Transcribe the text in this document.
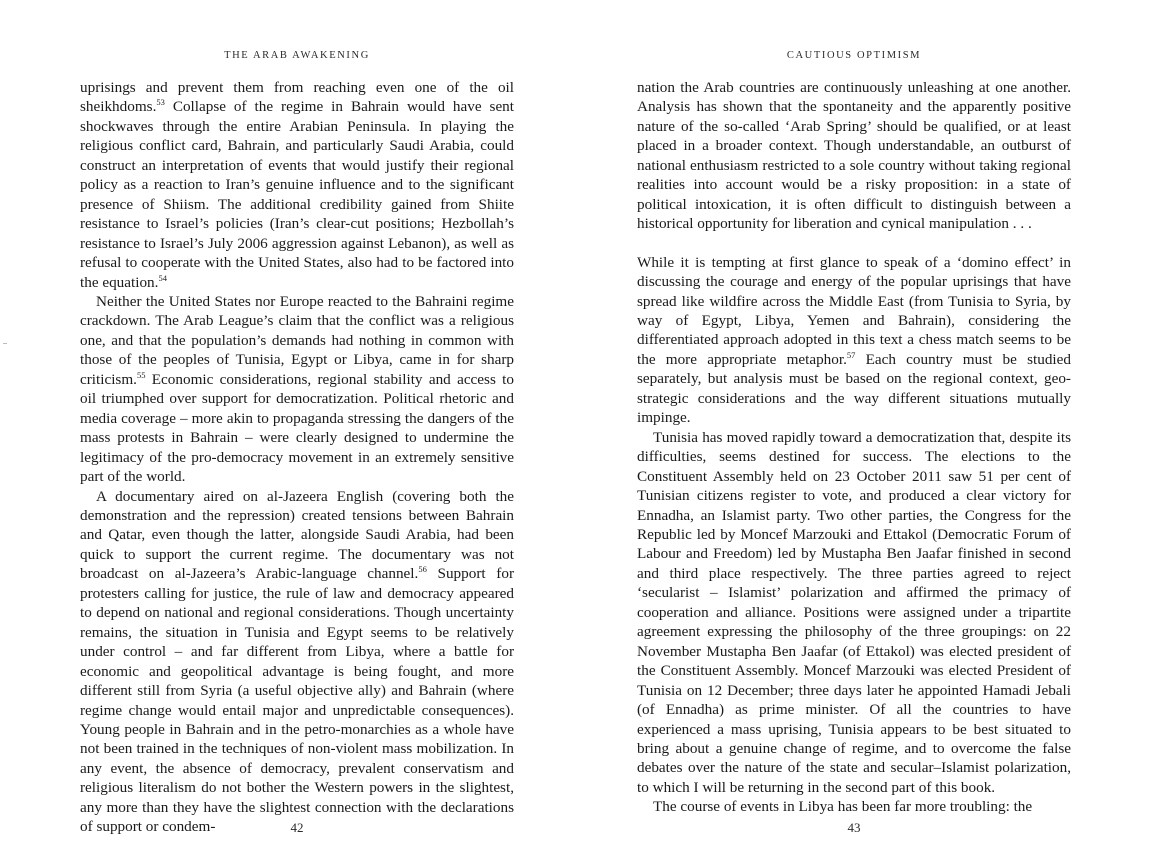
THE ARAB AWAKENING

uprisings and prevent them from reaching even one of the oil sheikhdoms.$^{53}$ Collapse of the regime in Bahrain would have sent shockwaves through the entire Arabian Peninsula. In playing the religious conflict card, Bahrain, and particularly Saudi Arabia, could construct an interpretation of events that would justify their regional policy as a reaction to Iran’s genuine influence and to the significant presence of Shiism. The additional credibility gained from Shiite resistance to Israel’s policies (Iran’s clear-cut positions; Hezbollah’s resistance to Israel’s July 2006 aggression against Lebanon), as well as refusal to cooperate with the United States, also had to be factored into the equation.$^{54}$

Neither the United States nor Europe reacted to the Bahraini regime crackdown. The Arab League’s claim that the conflict was a religious one, and that the population’s demands had nothing in common with those of the peoples of Tunisia, Egypt or Libya, came in for sharp criticism.$^{55}$ Economic considerations, regional stability and access to oil triumphed over support for democratization. Political rhetoric and media coverage – more akin to propaganda stressing the dangers of the mass protests in Bahrain – were clearly designed to undermine the legitimacy of the pro-democracy movement in an extremely sensitive part of the world.

A documentary aired on al-Jazeera English (covering both the demonstration and the repression) created tensions between Bahrain and Qatar, even though the latter, alongside Saudi Arabia, had been quick to support the current regime. The documentary was not broadcast on al-Jazeera’s Arabic-language channel.$^{56}$ Support for protesters calling for justice, the rule of law and democracy appeared to depend on national and regional considerations. Though uncertainty remains, the situation in Tunisia and Egypt seems to be relatively under control – and far different from Libya, where a battle for economic and geopolitical advantage is being fought, and more different still from Syria (a useful objective ally) and Bahrain (where regime change would entail major and unpredictable consequences). Young people in Bahrain and in the petro-monarchies as a whole have not been trained in the techniques of non-violent mass mobilization. In any event, the absence of democracy, prevalent conservatism and religious literalism do not bother the Western powers in the slightest, any more than they have the slightest connection with the declarations of support or condem-	42
CAUTIOUS OPTIMISM

nation the Arab countries are continuously unleashing at one another. Analysis has shown that the spontaneity and the apparently positive nature of the so-called ‘Arab Spring’ should be qualified, or at least placed in a broader context. Though understandable, an outburst of national enthusiasm restricted to a sole country without taking regional realities into account would be a risky proposition: in a state of political intoxication, it is often difficult to distinguish between a historical opportunity for liberation and cynical manipulation . . .

While it is tempting at first glance to speak of a ‘domino effect’ in discussing the courage and energy of the popular uprisings that have spread like wildfire across the Middle East (from Tunisia to Syria, by way of Egypt, Libya, Yemen and Bahrain), considering the differentiated approach adopted in this text a chess match seems to be the more appropriate metaphor.$^{57}$ Each country must be studied separately, but analysis must be based on the regional context, geo-strategic considerations and the way different situations mutually impinge.

Tunisia has moved rapidly toward a democratization that, despite its difficulties, seems destined for success. The elections to the Constituent Assembly held on 23 October 2011 saw 51 per cent of Tunisian citizens register to vote, and produced a clear victory for Ennadha, an Islamist party. Two other parties, the Congress for the Republic led by Moncef Marzouki and Ettakol (Democratic Forum of Labour and Freedom) led by Mustapha Ben Jaafar finished in second and third place respectively. The three parties agreed to reject ‘secularist – Islamist’ polarization and affirmed the primacy of cooperation and alliance. Positions were assigned under a tripartite agreement expressing the philosophy of the three groupings: on 22 November Mustapha Ben Jaafar (of Ettakol) was elected president of the Constituent Assembly. Moncef Marzouki was elected President of Tunisia on 12 December; three days later he appointed Hamadi Jebali (of Ennadha) as prime minister. Of all the countries to have experienced a mass uprising, Tunisia appears to be best situated to bring about a genuine change of regime, and to overcome the false debates over the nature of the state and secular–Islamist polarization, to which I will be returning in the second part of this book.

The course of events in Libya has been far more troubling: the

43
